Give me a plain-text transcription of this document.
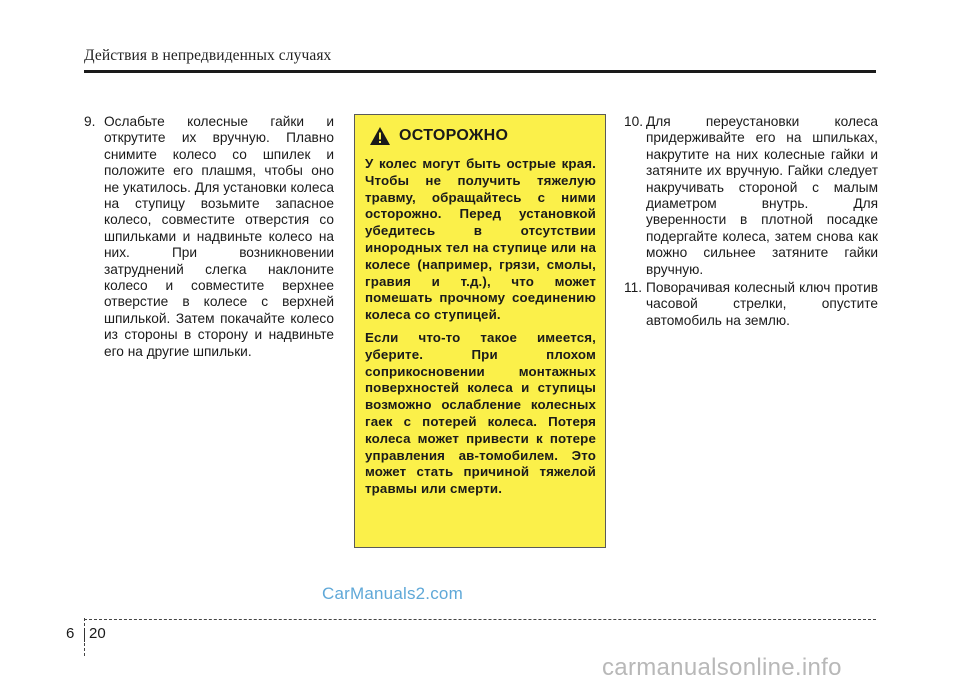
Действия в непредвиденных случаях
9. Ослабьте колесные гайки и открутите их вручную. Плавно снимите колесо со шпилек и положите его плашмя, чтобы оно не укатилось. Для установки колеса на ступицу возьмите запасное колесо, совместите отверстия со шпильками и надвиньте колесо на них. При возникновении затруднений слегка наклоните колесо и совместите верхнее отверстие в колесе с верхней шпилькой. Затем покачайте колесо из стороны в сторону и надвиньте его на другие шпильки.
ОСТОРОЖНО

У колес могут быть острые края. Чтобы не получить тяжелую травму, обращайтесь с ними осторожно. Перед установкой убедитесь в отсутствии инородных тел на ступице или на колесе (например, грязи, смолы, гравия и т.д.), что может помешать прочному соединению колеса со ступицей.

Если что-то такое имеется, уберите. При плохом соприкосновении монтажных поверхностей колеса и ступицы возможно ослабление колесных гаек с потерей колеса. Потеря колеса может привести к потере управления ав-томобилем. Это может стать причиной тяжелой травмы или смерти.

10. Для переустановки колеса придерживайте его на шпильках, накрутите на них колесные гайки и затяните их вручную. Гайки следует накручивать стороной с малым диаметром внутрь. Для уверенности в плотной посадке подергайте колеса, затем снова как можно сильнее затяните гайки вручную.
11. Поворачивая колесный ключ против часовой стрелки, опустите автомобиль на землю.
CarManuals2.com
6 20
carmanualsonline.info
